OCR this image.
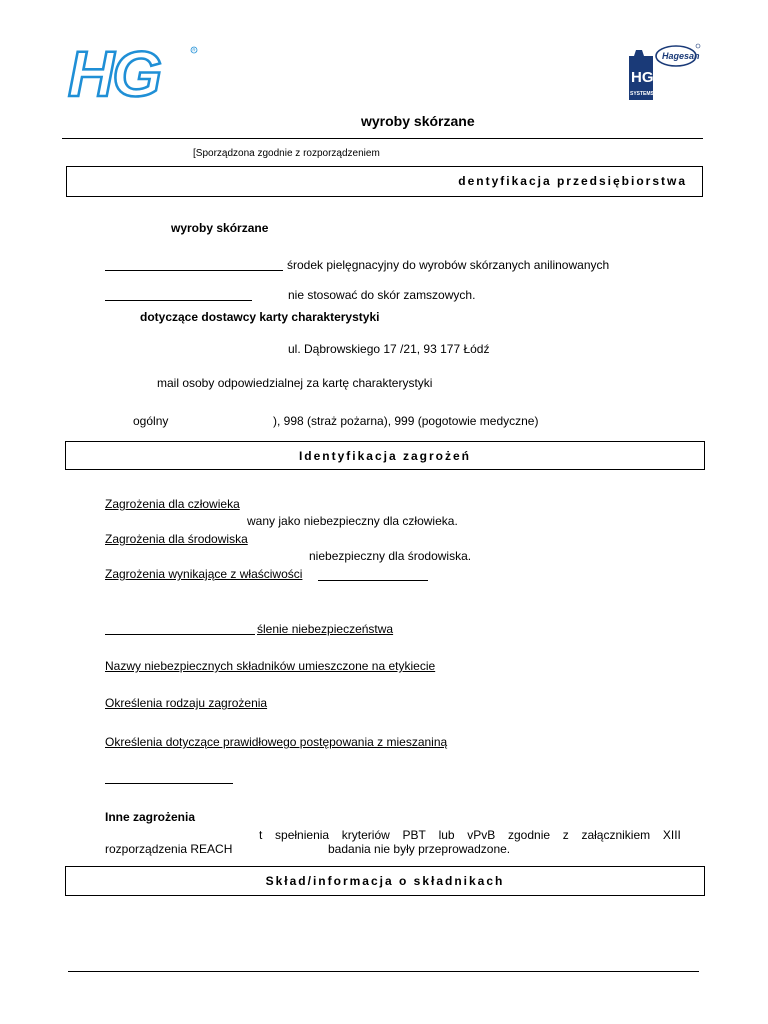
HG	R
Hagesan
HG
SYSTEMS
wyroby skórzane
[Sporządzona zgodnie z rozporządzeniem
dentyfikacja przedsiębiorstwa
wyroby skórzane
środek pielęgnacyjny do wyrobów skórzanych anilinowanych
nie stosować do skór zamszowych.
dotyczące dostawcy karty charakterystyki
ul. Dąbrowskiego 17 /21, 93 177 Łódź
mail osoby odpowiedzialnej za kartę charakterystyki
ogólny	), 998 (straż pożarna), 999 (pogotowie medyczne)
Identyfikacja zagrożeń
Zagrożenia dla człowieka
wany jako niebezpieczny dla człowieka.
Zagrożenia dla środowiska
niebezpieczny dla środowiska.
Zagrożenia wynikające z właściwości
ślenie niebezpieczeństwa
Nazwy niebezpiecznych składników umieszczone na etykiecie
Określenia rodzaju zagrożenia
Określenia dotyczące prawidłowego postępowania z mieszaniną
Inne zagrożenia
t spełnienia kryteriów PBT lub vPvB zgodnie z załącznikiem XIII
rozporządzenia REACH	badania nie były przeprowadzone.
Skład/informacja o składnikach
